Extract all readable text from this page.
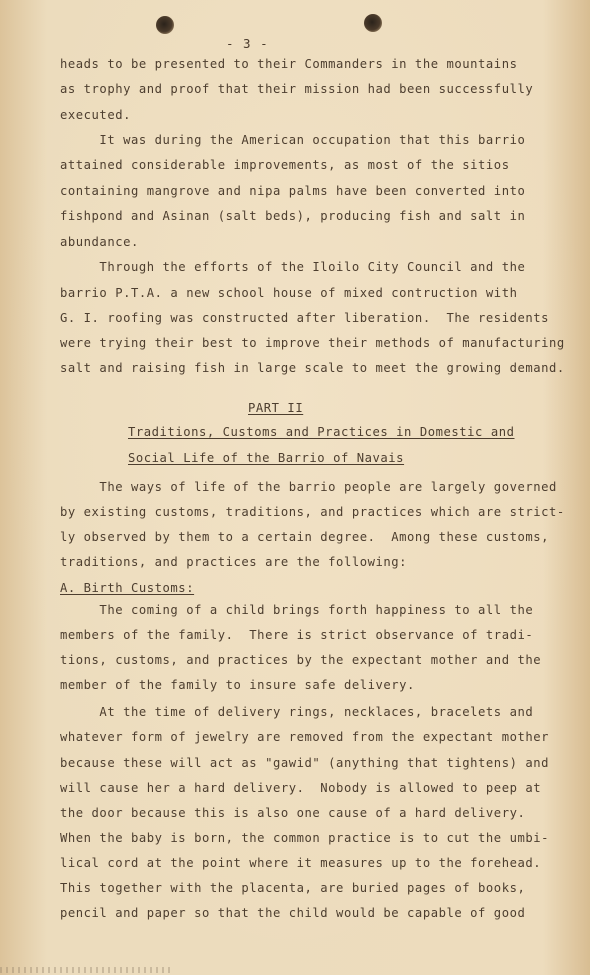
- 3 -
heads to be presented to their Commanders in the mountains
as trophy and proof that their mission had been successfully
executed.
It was during the American occupation that this barrio
attained considerable improvements, as most of the sitios
containing mangrove and nipa palms have been converted into
fishpond and Asinan (salt beds), producing fish and salt in
abundance.
Through the efforts of the Iloilo City Council and the
barrio P.T.A. a new school house of mixed contruction with
G. I. roofing was constructed after liberation.  The residents
were trying their best to improve their methods of manufacturing
salt and raising fish in large scale to meet the growing demand.
PART II
Traditions, Customs and Practices in Domestic and
Social Life of the Barrio of Navais
The ways of life of the barrio people are largely governed
by existing customs, traditions, and practices which are strict-
ly observed by them to a certain degree.  Among these customs,
traditions, and practices are the following:
A. Birth Customs:
The coming of a child brings forth happiness to all the
members of the family.  There is strict observance of tradi-
tions, customs, and practices by the expectant mother and the
member of the family to insure safe delivery.
At the time of delivery rings, necklaces, bracelets and
whatever form of jewelry are removed from the expectant mother
because these will act as "gawid" (anything that tightens) and
will cause her a hard delivery.  Nobody is allowed to peep at
the door because this is also one cause of a hard delivery.
When the baby is born, the common practice is to cut the umbi-
lical cord at the point where it measures up to the forehead.
This together with the placenta, are buried pages of books,
pencil and paper so that the child would be capable of good
